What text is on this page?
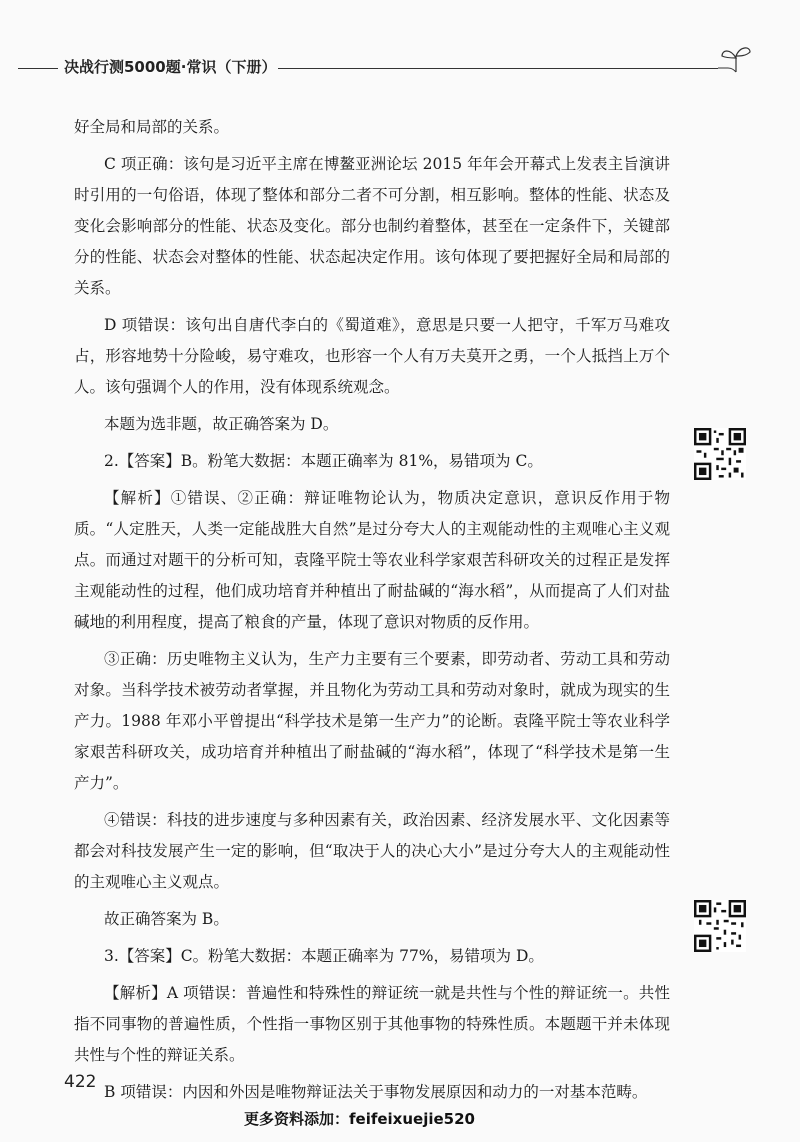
决战行测5000题·常识（下册）

好全局和局部的关系。

C 项正确：该句是习近平主席在博鳌亚洲论坛 2015 年年会开幕式上发表主旨演讲时引用的一句俗语，体现了整体和部分二者不可分割，相互影响。整体的性能、状态及变化会影响部分的性能、状态及变化。部分也制约着整体，甚至在一定条件下，关键部分的性能、状态会对整体的性能、状态起决定作用。该句体现了要把握好全局和局部的关系。

D 项错误：该句出自唐代李白的《蜀道难》，意思是只要一人把守，千军万马难攻占，形容地势十分险峻，易守难攻，也形容一个人有万夫莫开之勇，一个人抵挡上万个人。该句强调个人的作用，没有体现系统观念。

本题为选非题，故正确答案为 D。

2.【答案】B。粉笔大数据：本题正确率为 81%，易错项为 C。

【解析】①错误、②正确：辩证唯物论认为，物质决定意识，意识反作用于物质。“人定胜天，人类一定能战胜大自然”是过分夸大人的主观能动性的主观唯心主义观点。而通过对题干的分析可知，袁隆平院士等农业科学家艰苦科研攻关的过程正是发挥主观能动性的过程，他们成功培育并种植出了耐盐碱的“海水稻”，从而提高了人们对盐碱地的利用程度，提高了粮食的产量，体现了意识对物质的反作用。

③正确：历史唯物主义认为，生产力主要有三个要素，即劳动者、劳动工具和劳动对象。当科学技术被劳动者掌握，并且物化为劳动工具和劳动对象时，就成为现实的生产力。1988 年邓小平曾提出“科学技术是第一生产力”的论断。袁隆平院士等农业科学家艰苦科研攻关，成功培育并种植出了耐盐碱的“海水稻”，体现了“科学技术是第一生产力”。

④错误：科技的进步速度与多种因素有关，政治因素、经济发展水平、文化因素等都会对科技发展产生一定的影响，但“取决于人的决心大小”是过分夸大人的主观能动性的主观唯心主义观点。

故正确答案为 B。

3.【答案】C。粉笔大数据：本题正确率为 77%，易错项为 D。

【解析】A 项错误：普遍性和特殊性的辩证统一就是共性与个性的辩证统一。共性指不同事物的普遍性质，个性指一事物区别于其他事物的特殊性质。本题题干并未体现共性与个性的辩证关系。

B 项错误：内因和外因是唯物辩证法关于事物发展原因和动力的一对基本范畴。

422
更多资料添加：feifeixuejie520
